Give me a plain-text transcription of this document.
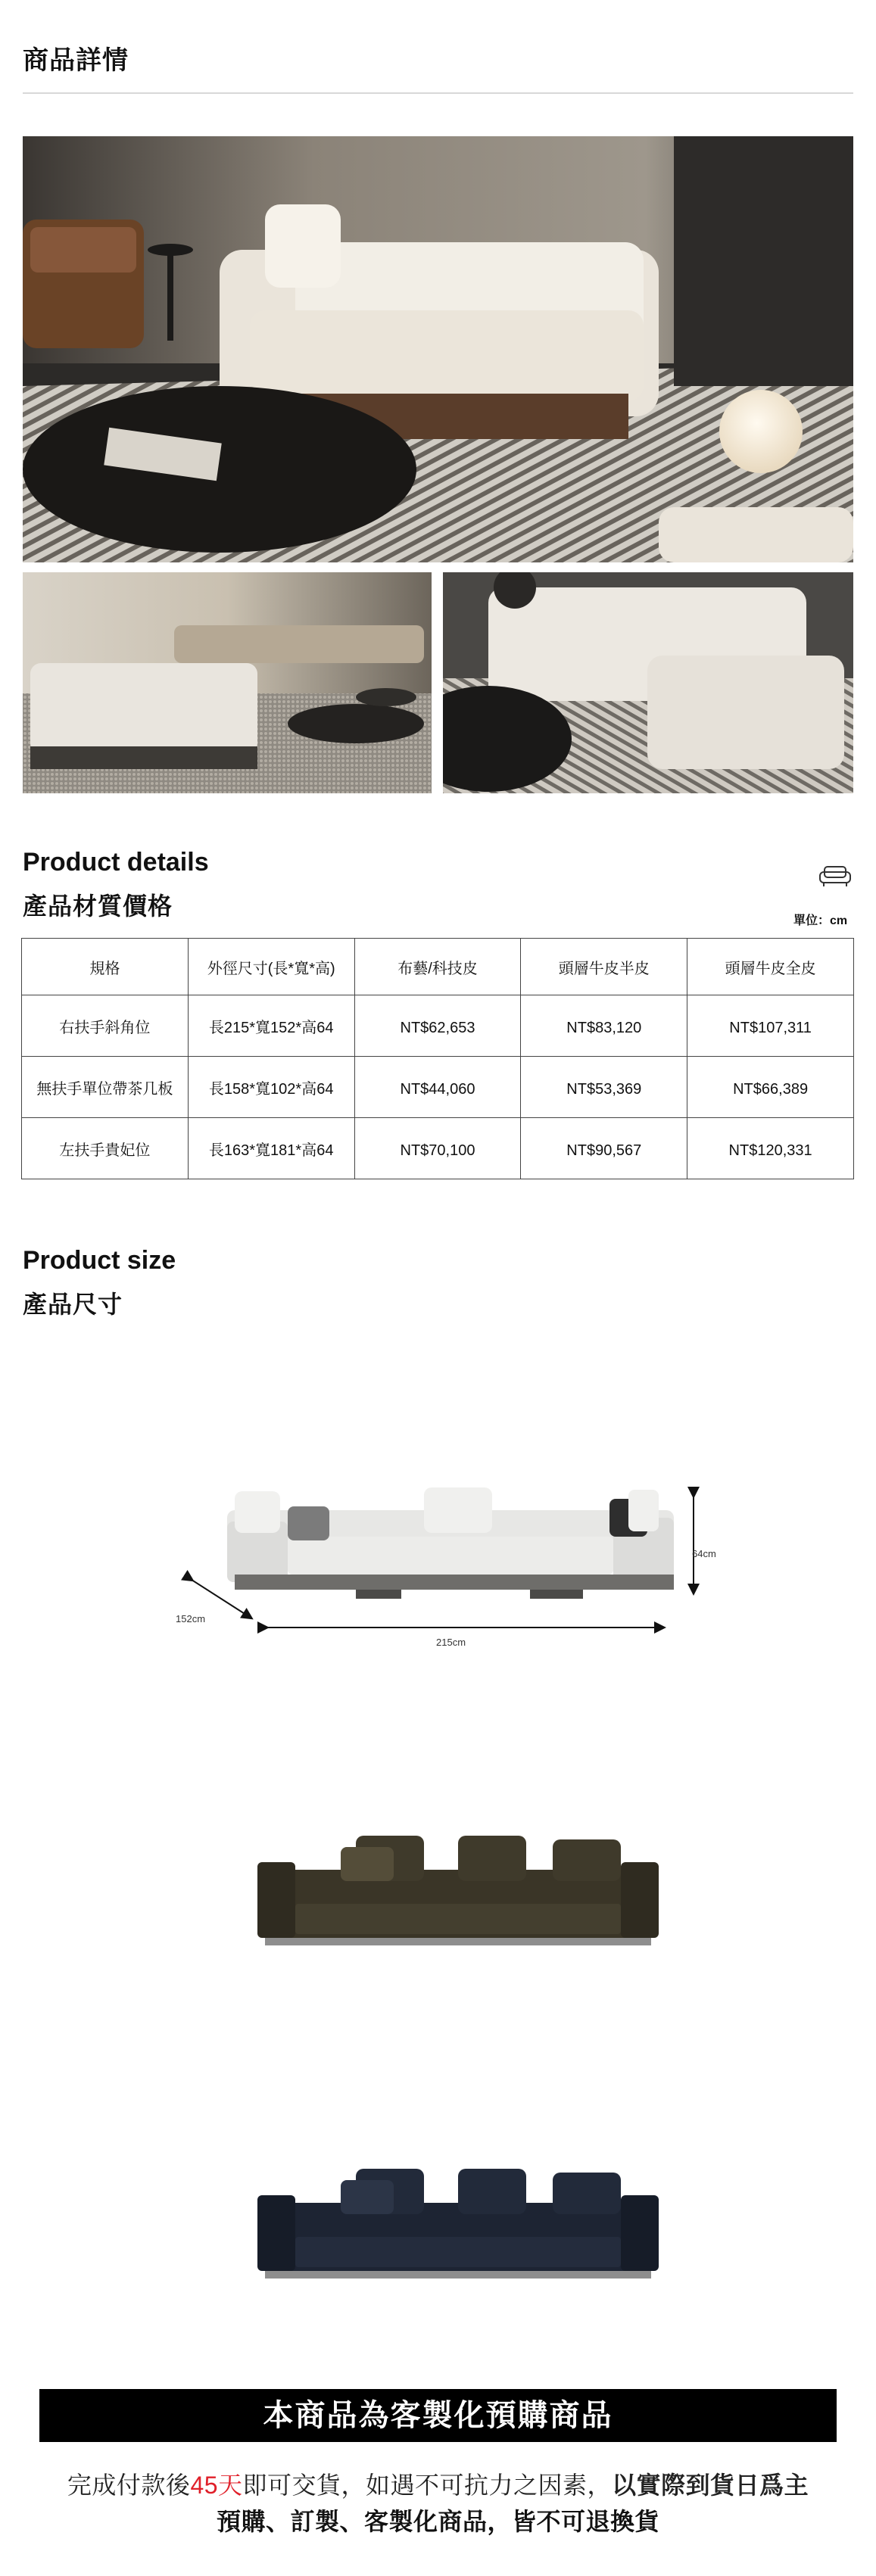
商品詳情
Product details
產品材質價格
單位：cm
規格	外徑尺寸(長*寬*高)	布藝/科技皮	頭層牛皮半皮	頭層牛皮全皮
右扶手斜角位	長215*寬152*高64	NT$62,653	NT$83,120	NT$107,311
無扶手單位帶茶几板	長158*寬102*高64	NT$44,060	NT$53,369	NT$66,389
左扶手貴妃位	長163*寬181*高64	NT$70,100	NT$90,567	NT$120,331
Product size
產品尺寸
64cm
152cm
215cm
本商品為客製化預購商品
完成付款後45天即可交貨，如遇不可抗力之因素，以實際到貨日爲主
預購、訂製、客製化商品，皆不可退換貨
